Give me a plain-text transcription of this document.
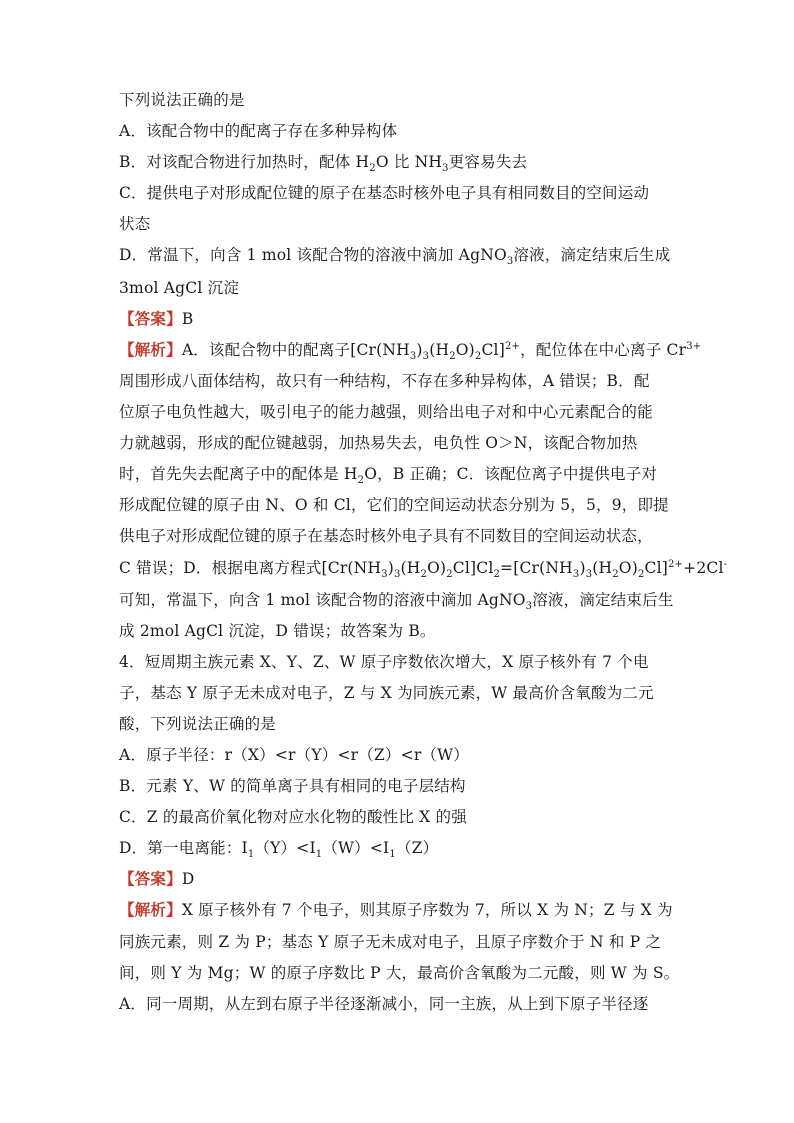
下列说法正确的是
A．该配合物中的配离子存在多种异构体
B．对该配合物进行加热时，配体 $H_2O$ 比 $NH_3$更容易失去
C．提供电子对形成配位键的原子在基态时核外电子具有相同数目的空间运动
状态
D．常温下，向含 1 mol 该配合物的溶液中滴加 AgNO$_3$溶液，滴定结束后生成
3mol AgCl 沉淀
【答案】B
【解析】A．该配合物中的配离子$[Cr(NH_3)_3(H_2O)_2Cl]^{2+}$，配位体在中心离子 $Cr^{3+}$
周围形成八面体结构，故只有一种结构，不存在多种异构体，A 错误；B．配
位原子电负性越大，吸引电子的能力越强，则给出电子对和中心元素配合的能
力就越弱，形成的配位键越弱，加热易失去，电负性 O＞N，该配合物加热
时，首先失去配离子中的配体是 $H_2O$，B 正确；C．该配位离子中提供电子对
形成配位键的原子由 N、O 和 Cl，它们的空间运动状态分别为 5，5，9，即提
供电子对形成配位键的原子在基态时核外电子具有不同数目的空间运动状态，
C 错误；D．根据电离方程式$[Cr(NH_3)_3(H_2O)_2Cl]Cl_2=[Cr(NH_3)_3(H_2O)_2Cl]^{2+}+2Cl^-$
可知，常温下，向含 1 mol 该配合物的溶液中滴加 AgNO$_3$溶液，滴定结束后生
成 2mol AgCl 沉淀，D 错误；故答案为 B。
4．短周期主族元素 X、Y、Z、W 原子序数依次增大，X 原子核外有 7 个电
子，基态 Y 原子无未成对电子，Z 与 X 为同族元素，W 最高价含氧酸为二元
酸，下列说法正确的是
A．原子半径：r（X）<r（Y）<r（Z）<r（W）
B．元素 Y、W 的简单离子具有相同的电子层结构
C．Z 的最高价氧化物对应水化物的酸性比 X 的强
D．第一电离能：$I_1(Y)<I_1(W)<I_1(Z)$
【答案】D
【解析】X 原子核外有 7 个电子，则其原子序数为 7，所以 X 为 N；Z 与 X 为
同族元素，则 Z 为 P；基态 Y 原子无未成对电子，且原子序数介于 N 和 P 之
间，则 Y 为 Mg；W 的原子序数比 P 大，最高价含氧酸为二元酸，则 W 为 S。
A．同一周期，从左到右原子半径逐渐减小，同一主族，从上到下原子半径逐
